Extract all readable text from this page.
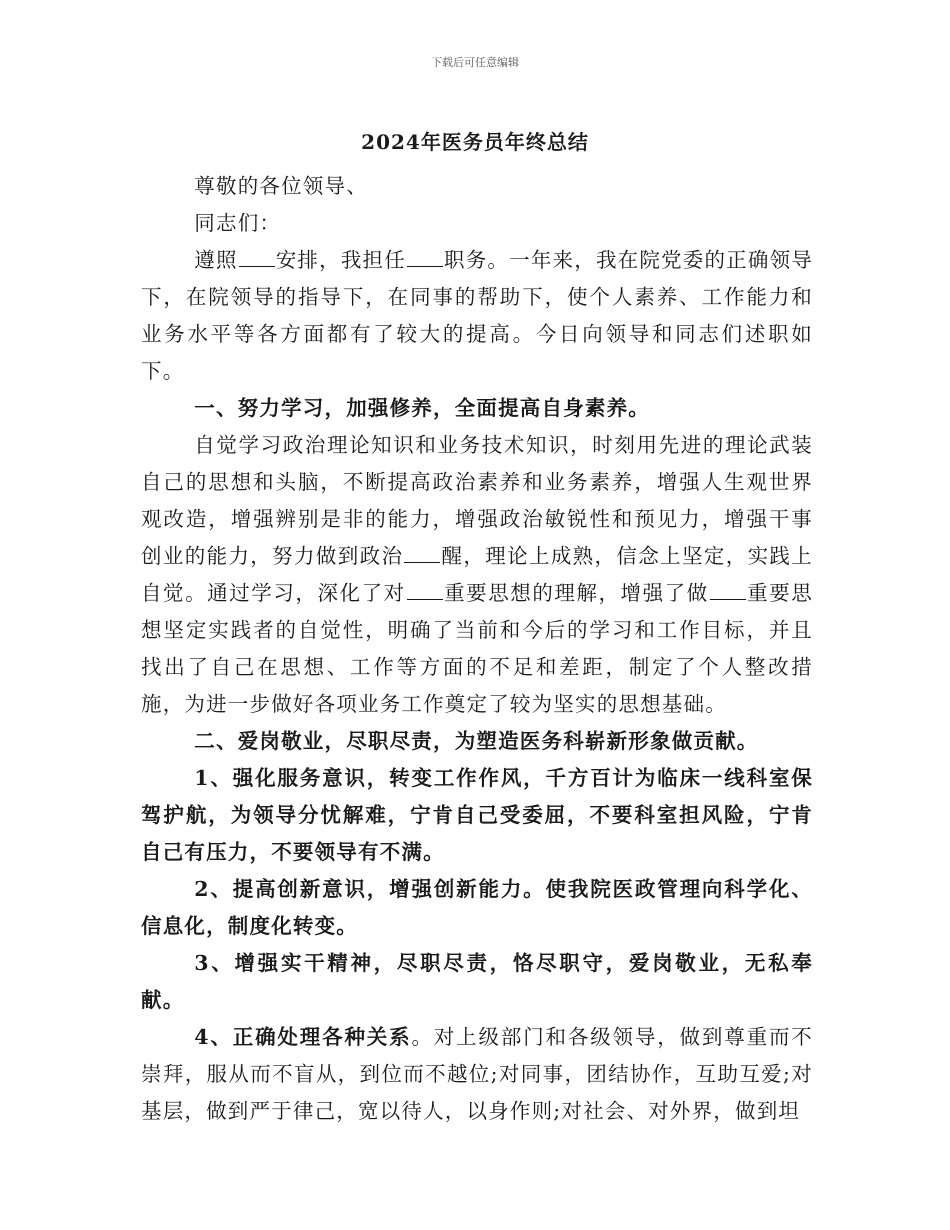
下载后可任意编辑
2024年医务员年终总结

尊敬的各位领导、

同志们：

遵照 安排，我担任 职务。一年来，我在院党委的正确领导下，在院领导的指导下，在同事的帮助下，使个人素养、工作能力和业务水平等各方面都有了较大的提高。今日向领导和同志们述职如下。

一、努力学习，加强修养，全面提高自身素养。

自觉学习政治理论知识和业务技术知识，时刻用先进的理论武装自己的思想和头脑，不断提高政治素养和业务素养，增强人生观世界观改造，增强辨别是非的能力，增强政治敏锐性和预见力，增强干事创业的能力，努力做到政治 醒，理论上成熟，信念上坚定，实践上自觉。通过学习，深化了对 重要思想的理解，增强了做 重要思想坚定实践者的自觉性，明确了当前和今后的学习和工作目标，并且找出了自己在思想、工作等方面的不足和差距，制定了个人整改措施，为进一步做好各项业务工作奠定了较为坚实的思想基础。

二、爱岗敬业，尽职尽责，为塑造医务科崭新形象做贡献。

1、强化服务意识，转变工作作风，千方百计为临床一线科室保驾护航，为领导分忧解难，宁肯自己受委屈，不要科室担风险，宁肯自己有压力，不要领导有不满。

2、提高创新意识，增强创新能力。使我院医政管理向科学化、信息化，制度化转变。

3、增强实干精神，尽职尽责，恪尽职守，爱岗敬业，无私奉献。

4、正确处理各种关系。对上级部门和各级领导，做到尊重而不崇拜，服从而不盲从，到位而不越位;对同事，团结协作，互助互爱;对基层，做到严于律己，宽以待人，以身作则;对社会、对外界，做到坦
